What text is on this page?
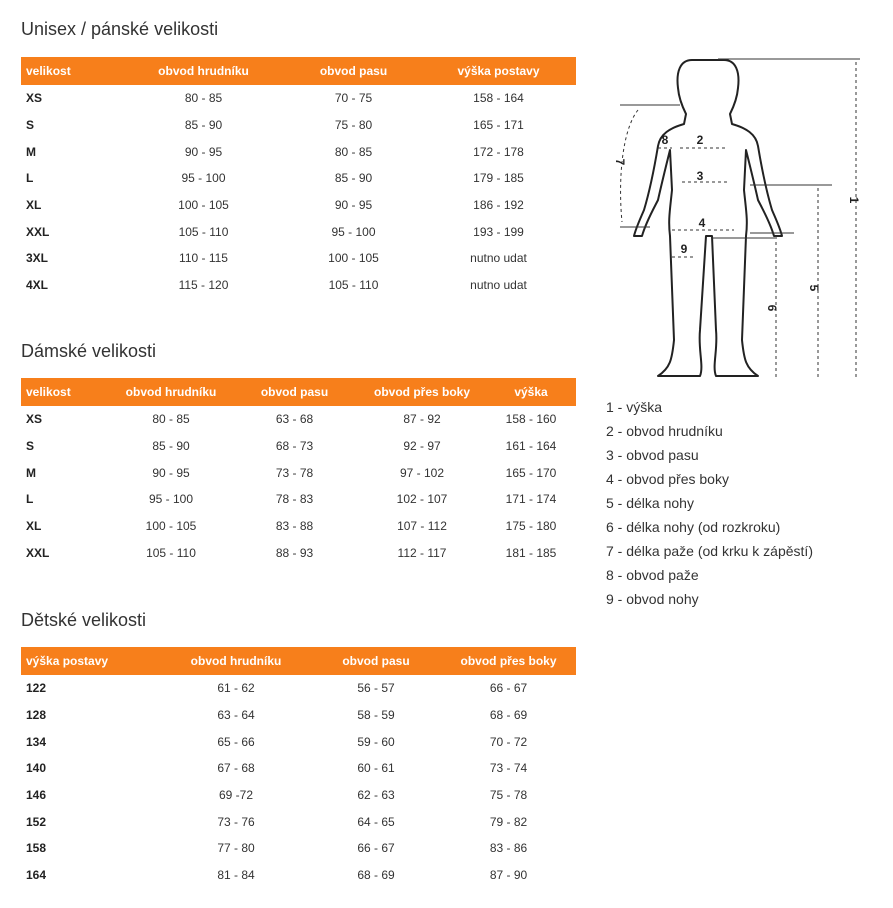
Unisex / pánské velikosti
velikost	obvod hrudníku	obvod pasu	výška postavy
XS	80 - 85	70 - 75	158 - 164
S	85 - 90	75 - 80	165 - 171
M	90 - 95	80 - 85	172 - 178
L	95 - 100	85 - 90	179 - 185
XL	100 - 105	90 - 95	186 - 192
XXL	105 - 110	95 - 100	193 - 199
3XL	110 - 115	100 - 105	nutno udat
4XL	115 - 120	105 - 110	nutno udat
Dámské velikosti
velikost	obvod hrudníku	obvod pasu	obvod přes boky	výška
XS	80 - 85	63 - 68	87 - 92	158 - 160
S	85 - 90	68 - 73	92 - 97	161 - 164
M	90 - 95	73 - 78	97 - 102	165 - 170
L	95 - 100	78 - 83	102 - 107	171 - 174
XL	100 - 105	83 - 88	107 - 112	175 - 180
XXL	105 - 110	88 - 93	112 - 117	181 - 185
Dětské velikosti
výška postavy	obvod hrudníku	obvod pasu	obvod přes boky
122	61 - 62	56 - 57	66 - 67
128	63 - 64	58 - 59	68 - 69
134	65 - 66	59 - 60	70 - 72
140	67 - 68	60 - 61	73 - 74
146	69 -72	62 - 63	75 - 78
152	73 - 76	64 - 65	79 - 82
158	77 - 80	66 - 67	83 - 86
164	81 - 84	68 - 69	87 - 90
1
2
3
4
5
6
7
8
9
1 - výška
2 - obvod hrudníku
3 - obvod pasu
4 - obvod přes boky
5 - délka nohy
6 - délka nohy (od rozkroku)
7 - délka paže (od krku k zápěstí)
8 - obvod paže
9 - obvod nohy
